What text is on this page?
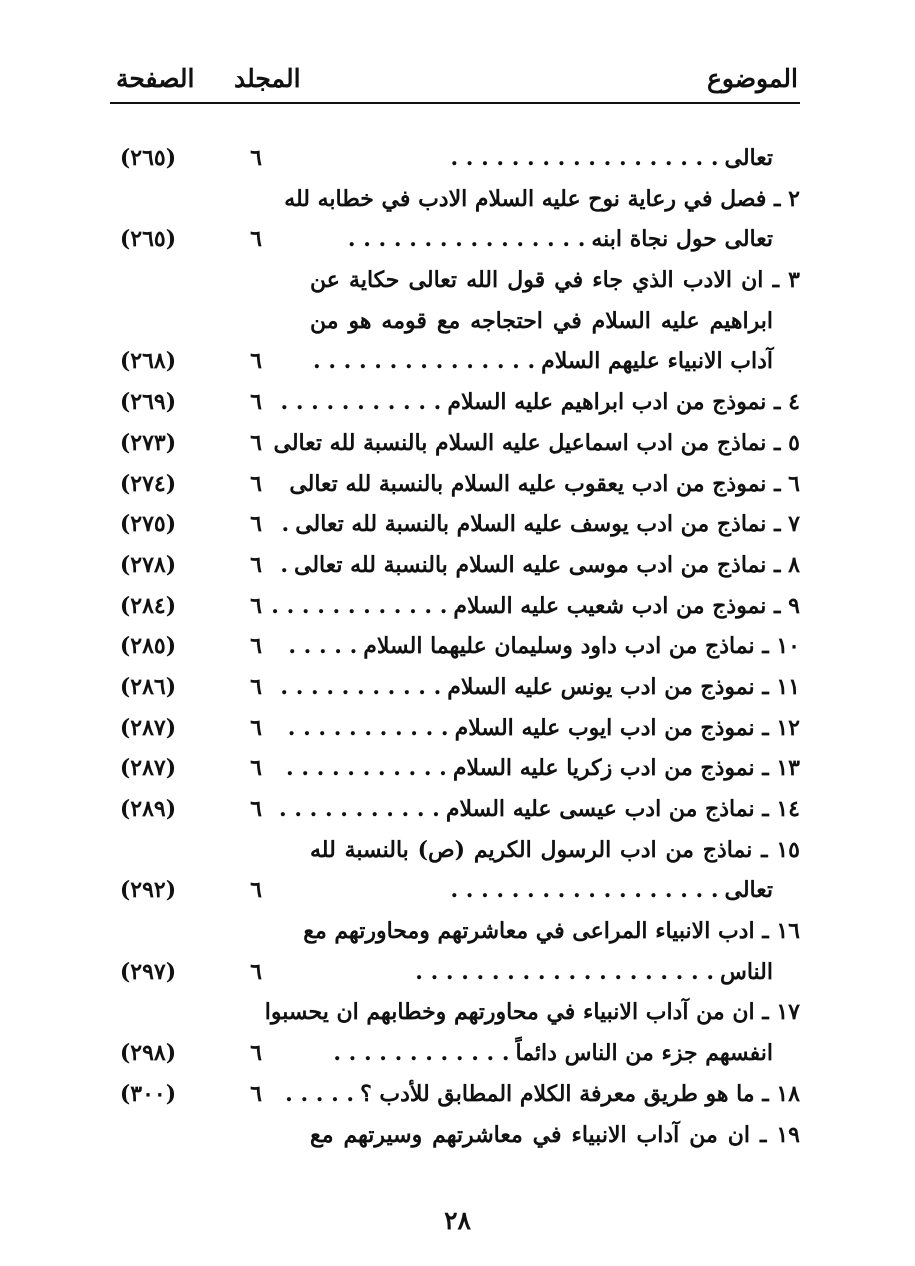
الموضوع
المجلد
الصفحة
تعالى. . . . . . . . . . . . . . . . . .
٦
(٢٦٥)
٢ ـ فصل في رعاية نوح عليه السلام الادب في خطابه لله
تعالى حول نجاة ابنه. . . . . . . . . . . . . . . .
٦
(٢٦٥)
٣ ـ ان الادب الذي جاء في قول الله تعالى حكاية عن
ابراهيم عليه السلام في احتجاجه مع قومه هو من
آداب الانبياء عليهم السلام. . . . . . . . . . . . . . .
٦
(٢٦٨)
٤ ـ نموذج من ادب ابراهيم عليه السلام. . . . . . . . . . .
٦
(٢٦٩)
٥ ـ نماذج من ادب اسماعيل عليه السلام بالنسبة لله تعالى
٦
(٢٧٣)
٦ ـ نموذج من ادب يعقوب عليه السلام بالنسبة لله تعالى
٦
(٢٧٤)
٧ ـ نماذج من ادب يوسف عليه السلام بالنسبة لله تعالى.
٦
(٢٧٥)
٨ ـ نماذج من ادب موسى عليه السلام بالنسبة لله تعالى.
٦
(٢٧٨)
٩ ـ نموذج من ادب شعيب عليه السلام. . . . . . . . . . . .
٦
(٢٨٤)
١٠ ـ نماذج من ادب داود وسليمان عليهما السلام. . . . .
٦
(٢٨٥)
١١ ـ نموذج من ادب يونس عليه السلام. . . . . . . . . . .
٦
(٢٨٦)
١٢ ـ نموذج من ادب ايوب عليه السلام. . . . . . . . . . .
٦
(٢٨٧)
١٣ ـ نموذج من ادب زكريا عليه السلام. . . . . . . . . . .
٦
(٢٨٧)
١٤ ـ نماذج من ادب عيسى عليه السلام. . . . . . . . . . .
٦
(٢٨٩)
١٥ ـ نماذج من ادب الرسول الكريم (ص) بالنسبة لله
تعالى. . . . . . . . . . . . . . . . . .
٦
(٢٩٢)
١٦ ـ ادب الانبياء المراعى في معاشرتهم ومحاورتهم مع
الناس. . . . . . . . . . . . . . . . . . . .
٦
(٢٩٧)
١٧ ـ ان من آداب الانبياء في محاورتهم وخطابهم ان يحسبوا
انفسهم جزء من الناس دائماً. . . . . . . . . . . .
٦
(٢٩٨)
١٨ ـ ما هو طريق معرفة الكلام المطابق للأدب ؟. . . . .
٦
(٣٠٠)
١٩ ـ ان من آداب الانبياء في معاشرتهم وسيرتهم مع
٢٨
